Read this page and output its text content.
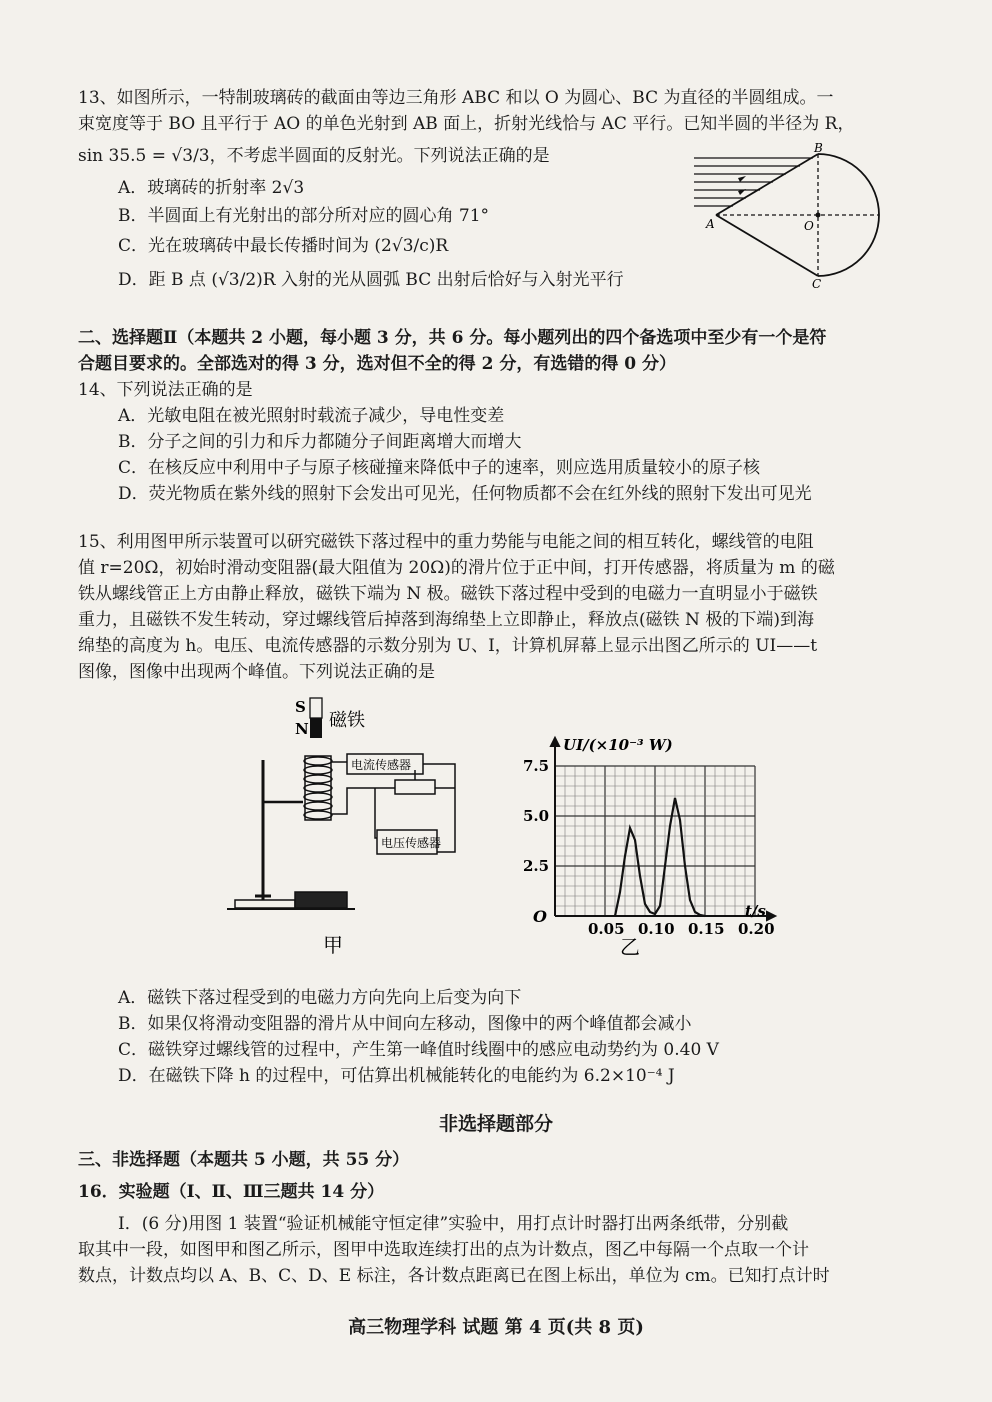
13、如图所示，一特制玻璃砖的截面由等边三角形 ABC 和以 O 为圆心、BC 为直径的半圆组成。一
束宽度等于 BO 且平行于 AO 的单色光射到 AB 面上，折射光线恰与 AC 平行。已知半圆的半径为 R，
sin 35.5 = √3/3，不考虑半圆面的反射光。下列说法正确的是
A．玻璃砖的折射率 2√3
B．半圆面上有光射出的部分所对应的圆心角 71°
C．光在玻璃砖中最长传播时间为 (2√3/c)R
D．距 B 点 (√3/2)R 入射的光从圆弧 BC 出射后恰好与入射光平行
B
A	O
C
二、选择题Ⅱ（本题共 2 小题，每小题 3 分，共 6 分。每小题列出的四个备选项中至少有一个是符
合题目要求的。全部选对的得 3 分，选对但不全的得 2 分，有选错的得 0 分）
14、下列说法正确的是
A．光敏电阻在被光照射时载流子减少，导电性变差
B．分子之间的引力和斥力都随分子间距离增大而增大
C．在核反应中利用中子与原子核碰撞来降低中子的速率，则应选用质量较小的原子核
D．荧光物质在紫外线的照射下会发出可见光，任何物质都不会在红外线的照射下发出可见光
15、利用图甲所示装置可以研究磁铁下落过程中的重力势能与电能之间的相互转化，螺线管的电阻
值 r=20Ω，初始时滑动变阻器(最大阻值为 20Ω)的滑片位于正中间，打开传感器，将质量为 m 的磁
铁从螺线管正上方由静止释放，磁铁下端为 N 极。磁铁下落过程中受到的电磁力一直明显小于磁铁
重力，且磁铁不发生转动，穿过螺线管后掉落到海绵垫上立即静止，释放点(磁铁 N 极的下端)到海
绵垫的高度为 h。电压、电流传感器的示数分别为 U、I，计算机屏幕上显示出图乙所示的 UI——t
图像，图像中出现两个峰值。下列说法正确的是
S
N 磁铁
电流传感器
电压传感器
甲
0.05 0.10 0.15 0.20
2.5
5.0
7.5
UI/(×10⁻³ W)
t/s
O
乙
A．磁铁下落过程受到的电磁力方向先向上后变为向下
B．如果仅将滑动变阻器的滑片从中间向左移动，图像中的两个峰值都会减小
C．磁铁穿过螺线管的过程中，产生第一峰值时线圈中的感应电动势约为 0.40 V
D．在磁铁下降 h 的过程中，可估算出机械能转化的电能约为 6.2×10⁻⁴ J
非选择题部分
三、非选择题（本题共 5 小题，共 55 分）
16．实验题（Ⅰ、Ⅱ、Ⅲ三题共 14 分）
Ⅰ．(6 分)用图 1 装置“验证机械能守恒定律”实验中，用打点计时器打出两条纸带，分别截
取其中一段，如图甲和图乙所示，图甲中选取连续打出的点为计数点，图乙中每隔一个点取一个计
数点，计数点均以 A、B、C、D、E 标注，各计数点距离已在图上标出，单位为 cm。已知打点计时
高三物理学科 试题 第 4 页(共 8 页)
